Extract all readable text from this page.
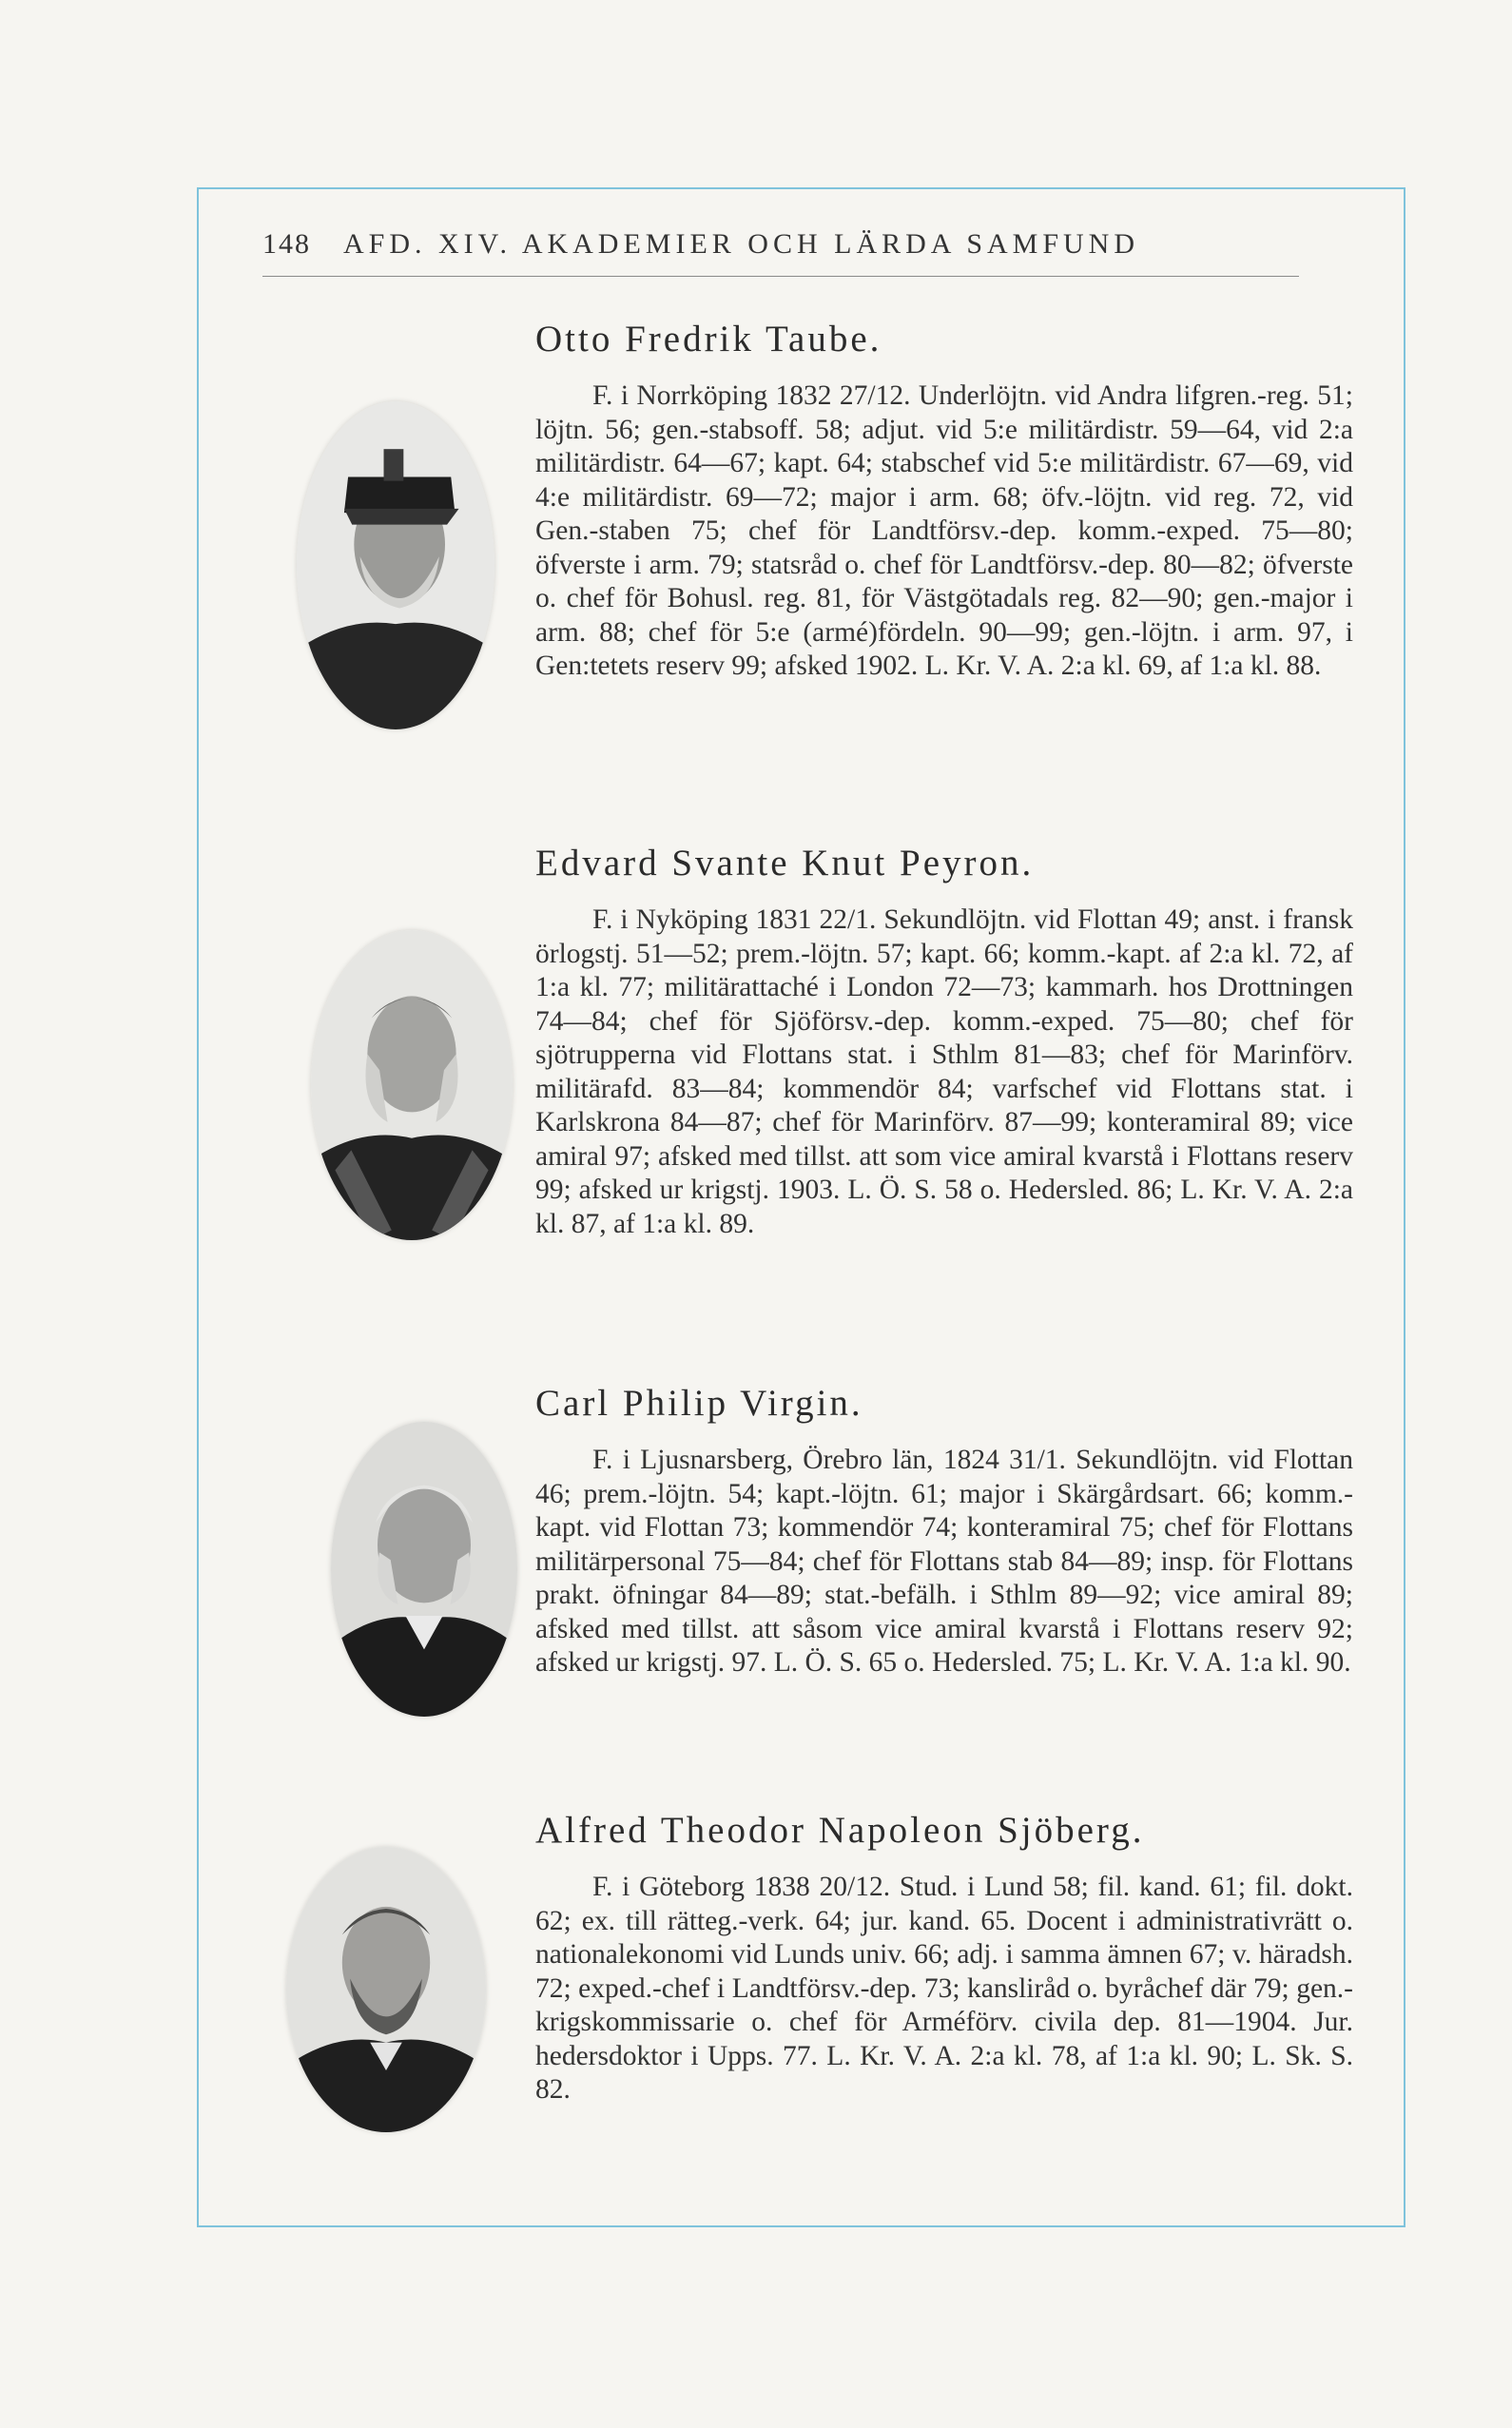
148 AFD. XIV. AKADEMIER OCH LÄRDA SAMFUND
Otto Fredrik Taube.

F. i Norrköping 1832 27/12. Underlöjtn. vid Andra lifgren.-reg. 51; löjtn. 56; gen.-stabsoff. 58; adjut. vid 5:e militärdistr. 59—64, vid 2:a militärdistr. 64—67; kapt. 64; stabschef vid 5:e militärdistr. 67—69, vid 4:e militärdistr. 69—72; major i arm. 68; öfv.-löjtn. vid reg. 72, vid Gen.-staben 75; chef för Landtförsv.-dep. komm.-exped. 75—80; öfverste i arm. 79; statsråd o. chef för Landtförsv.-dep. 80—82; öfverste o. chef för Bohusl. reg. 81, för Västgötadals reg. 82—90; gen.-major i arm. 88; chef för 5:e (armé)fördeln. 90—99; gen.-löjtn. i arm. 97, i Gen:tetets reserv 99; afsked 1902. L. Kr. V. A. 2:a kl. 69, af 1:a kl. 88.

Edvard Svante Knut Peyron.

F. i Nyköping 1831 22/1. Sekundlöjtn. vid Flottan 49; anst. i fransk örlogstj. 51—52; prem.-löjtn. 57; kapt. 66; komm.-kapt. af 2:a kl. 72, af 1:a kl. 77; militärattaché i London 72—73; kammarh. hos Drottningen 74—84; chef för Sjöförsv.-dep. komm.-exped. 75—80; chef för sjötrupperna vid Flottans stat. i Sthlm 81—83; chef för Marinförv. militärafd. 83—84; kommendör 84; varfschef vid Flottans stat. i Karlskrona 84—87; chef för Marinförv. 87—99; konteramiral 89; vice amiral 97; afsked med tillst. att som vice amiral kvarstå i Flottans reserv 99; afsked ur krigstj. 1903. L. Ö. S. 58 o. Hedersled. 86; L. Kr. V. A. 2:a kl. 87, af 1:a kl. 89.

Carl Philip Virgin.

F. i Ljusnarsberg, Örebro län, 1824 31/1. Sekundlöjtn. vid Flottan 46; prem.-löjtn. 54; kapt.-löjtn. 61; major i Skärgårdsart. 66; komm.-kapt. vid Flottan 73; kommendör 74; konteramiral 75; chef för Flottans militärpersonal 75—84; chef för Flottans stab 84—89; insp. för Flottans prakt. öfningar 84—89; stat.-befälh. i Sthlm 89—92; vice amiral 89; afsked med tillst. att såsom vice amiral kvarstå i Flottans reserv 92; afsked ur krigstj. 97. L. Ö. S. 65 o. Hedersled. 75; L. Kr. V. A. 1:a kl. 90.

Alfred Theodor Napoleon Sjöberg.

F. i Göteborg 1838 20/12. Stud. i Lund 58; fil. kand. 61; fil. dokt. 62; ex. till rätteg.-verk. 64; jur. kand. 65. Docent i administrativrätt o. nationalekonomi vid Lunds univ. 66; adj. i samma ämnen 67; v. häradsh. 72; exped.-chef i Landtförsv.-dep. 73; kansliråd o. byråchef där 79; gen.-krigskommissarie o. chef för Arméförv. civila dep. 81—1904. Jur. hedersdoktor i Upps. 77. L. Kr. V. A. 2:a kl. 78, af 1:a kl. 90; L. Sk. S. 82.
